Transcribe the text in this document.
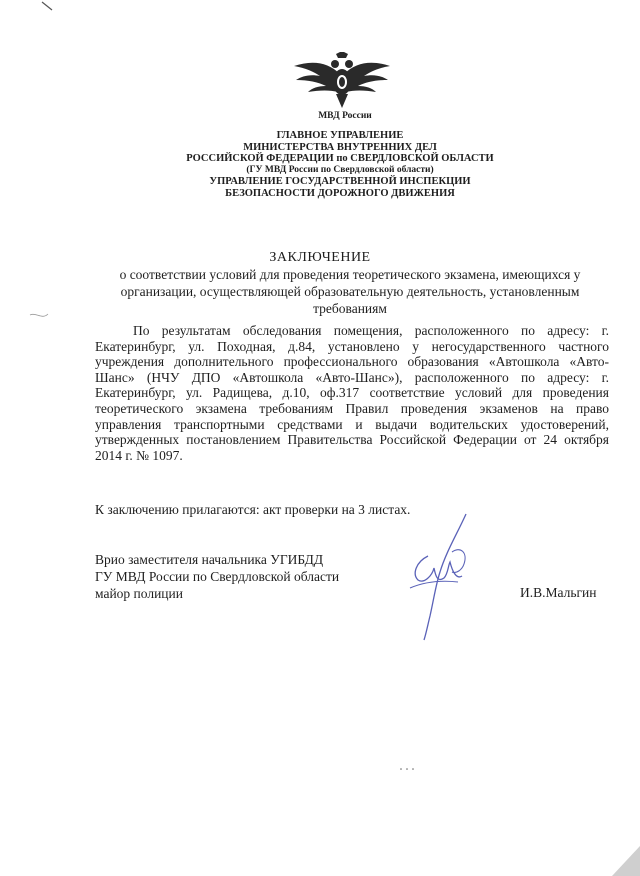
МВД России
ГЛАВНОЕ УПРАВЛЕНИЕ
МИНИСТЕРСТВА ВНУТРЕННИХ ДЕЛ
РОССИЙСКОЙ ФЕДЕРАЦИИ по СВЕРДЛОВСКОЙ ОБЛАСТИ
(ГУ МВД России по Свердловской области)
УПРАВЛЕНИЕ ГОСУДАРСТВЕННОЙ ИНСПЕКЦИИ
БЕЗОПАСНОСТИ ДОРОЖНОГО ДВИЖЕНИЯ
ЗАКЛЮЧЕНИЕ
о соответствии условий для проведения теоретического экзамена, имеющихся у
организации, осуществляющей образовательную деятельность, установленным
требованиям
По результатам обследования помещения, расположенного по адресу: г. Екатеринбург, ул. Походная, д.84, установлено у негосударственного частного учреждения дополнительного профессионального образования «Автошкола «Авто-Шанс» (НЧУ ДПО «Автошкола «Авто-Шанс»), расположенного по адресу: г. Екатеринбург, ул. Радищева, д.10, оф.317 соответствие условий для проведения теоретического экзамена требованиям Правил проведения экзаменов на право управления транспортными средствами и выдачи водительских удостоверений, утвержденных постановлением Правительства Российской Федерации от 24 октября 2014 г. № 1097.
К заключению прилагаются: акт проверки на 3 листах.
Врио заместителя начальника УГИБДД
ГУ МВД России по Свердловской области
майор полиции	И.В.Мальгин
